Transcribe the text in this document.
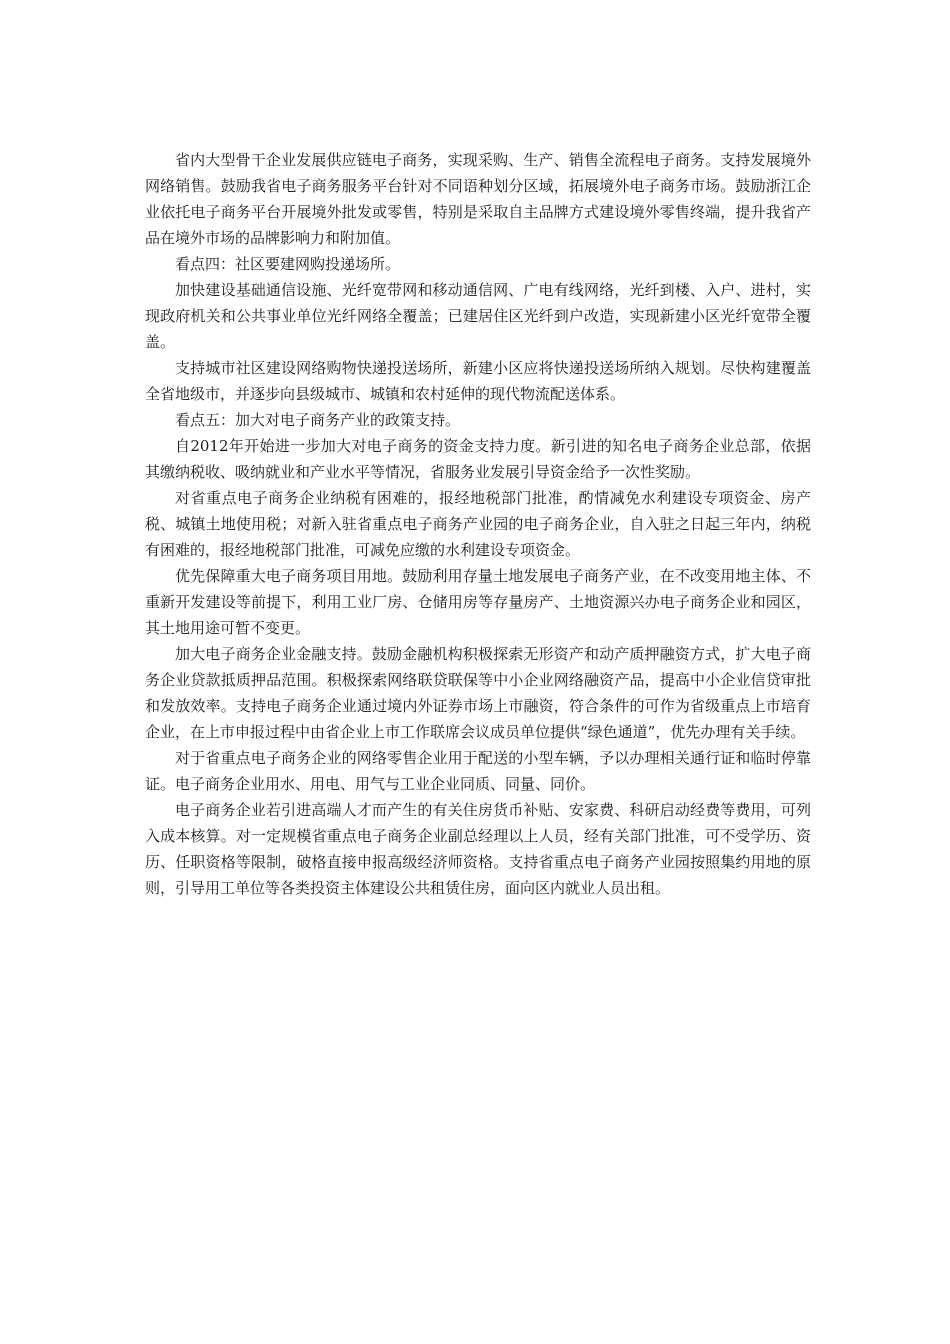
省内大型骨干企业发展供应链电子商务，实现采购、生产、销售全流程电子商务。支持发展境外网络销售。鼓励我省电子商务服务平台针对不同语种划分区域，拓展境外电子商务市场。鼓励浙江企业依托电子商务平台开展境外批发或零售，特别是采取自主品牌方式建设境外零售终端，提升我省产品在境外市场的品牌影响力和附加值。

看点四：社区要建网购投递场所。

加快建设基础通信设施、光纤宽带网和移动通信网、广电有线网络，光纤到楼、入户、进村，实现政府机关和公共事业单位光纤网络全覆盖；已建居住区光纤到户改造，实现新建小区光纤宽带全覆盖。

支持城市社区建设网络购物快递投送场所，新建小区应将快递投送场所纳入规划。尽快构建覆盖全省地级市，并逐步向县级城市、城镇和农村延伸的现代物流配送体系。

看点五：加大对电子商务产业的政策支持。

自2012年开始进一步加大对电子商务的资金支持力度。新引进的知名电子商务企业总部，依据其缴纳税收、吸纳就业和产业水平等情况，省服务业发展引导资金给予一次性奖励。

对省重点电子商务企业纳税有困难的，报经地税部门批准，酌情减免水利建设专项资金、房产税、城镇土地使用税；对新入驻省重点电子商务产业园的电子商务企业，自入驻之日起三年内，纳税有困难的，报经地税部门批准，可减免应缴的水利建设专项资金。

优先保障重大电子商务项目用地。鼓励利用存量土地发展电子商务产业，在不改变用地主体、不重新开发建设等前提下，利用工业厂房、仓储用房等存量房产、土地资源兴办电子商务企业和园区，其土地用途可暂不变更。

加大电子商务企业金融支持。鼓励金融机构积极探索无形资产和动产质押融资方式，扩大电子商务企业贷款抵质押品范围。积极探索网络联贷联保等中小企业网络融资产品，提高中小企业信贷审批和发放效率。支持电子商务企业通过境内外证券市场上市融资，符合条件的可作为省级重点上市培育企业，在上市申报过程中由省企业上市工作联席会议成员单位提供“绿色通道”，优先办理有关手续。

对于省重点电子商务企业的网络零售企业用于配送的小型车辆，予以办理相关通行证和临时停靠证。电子商务企业用水、用电、用气与工业企业同质、同量、同价。

电子商务企业若引进高端人才而产生的有关住房货币补贴、安家费、科研启动经费等费用，可列入成本核算。对一定规模省重点电子商务企业副总经理以上人员，经有关部门批准，可不受学历、资历、任职资格等限制，破格直接申报高级经济师资格。支持省重点电子商务产业园按照集约用地的原则，引导用工单位等各类投资主体建设公共租赁住房，面向区内就业人员出租。
